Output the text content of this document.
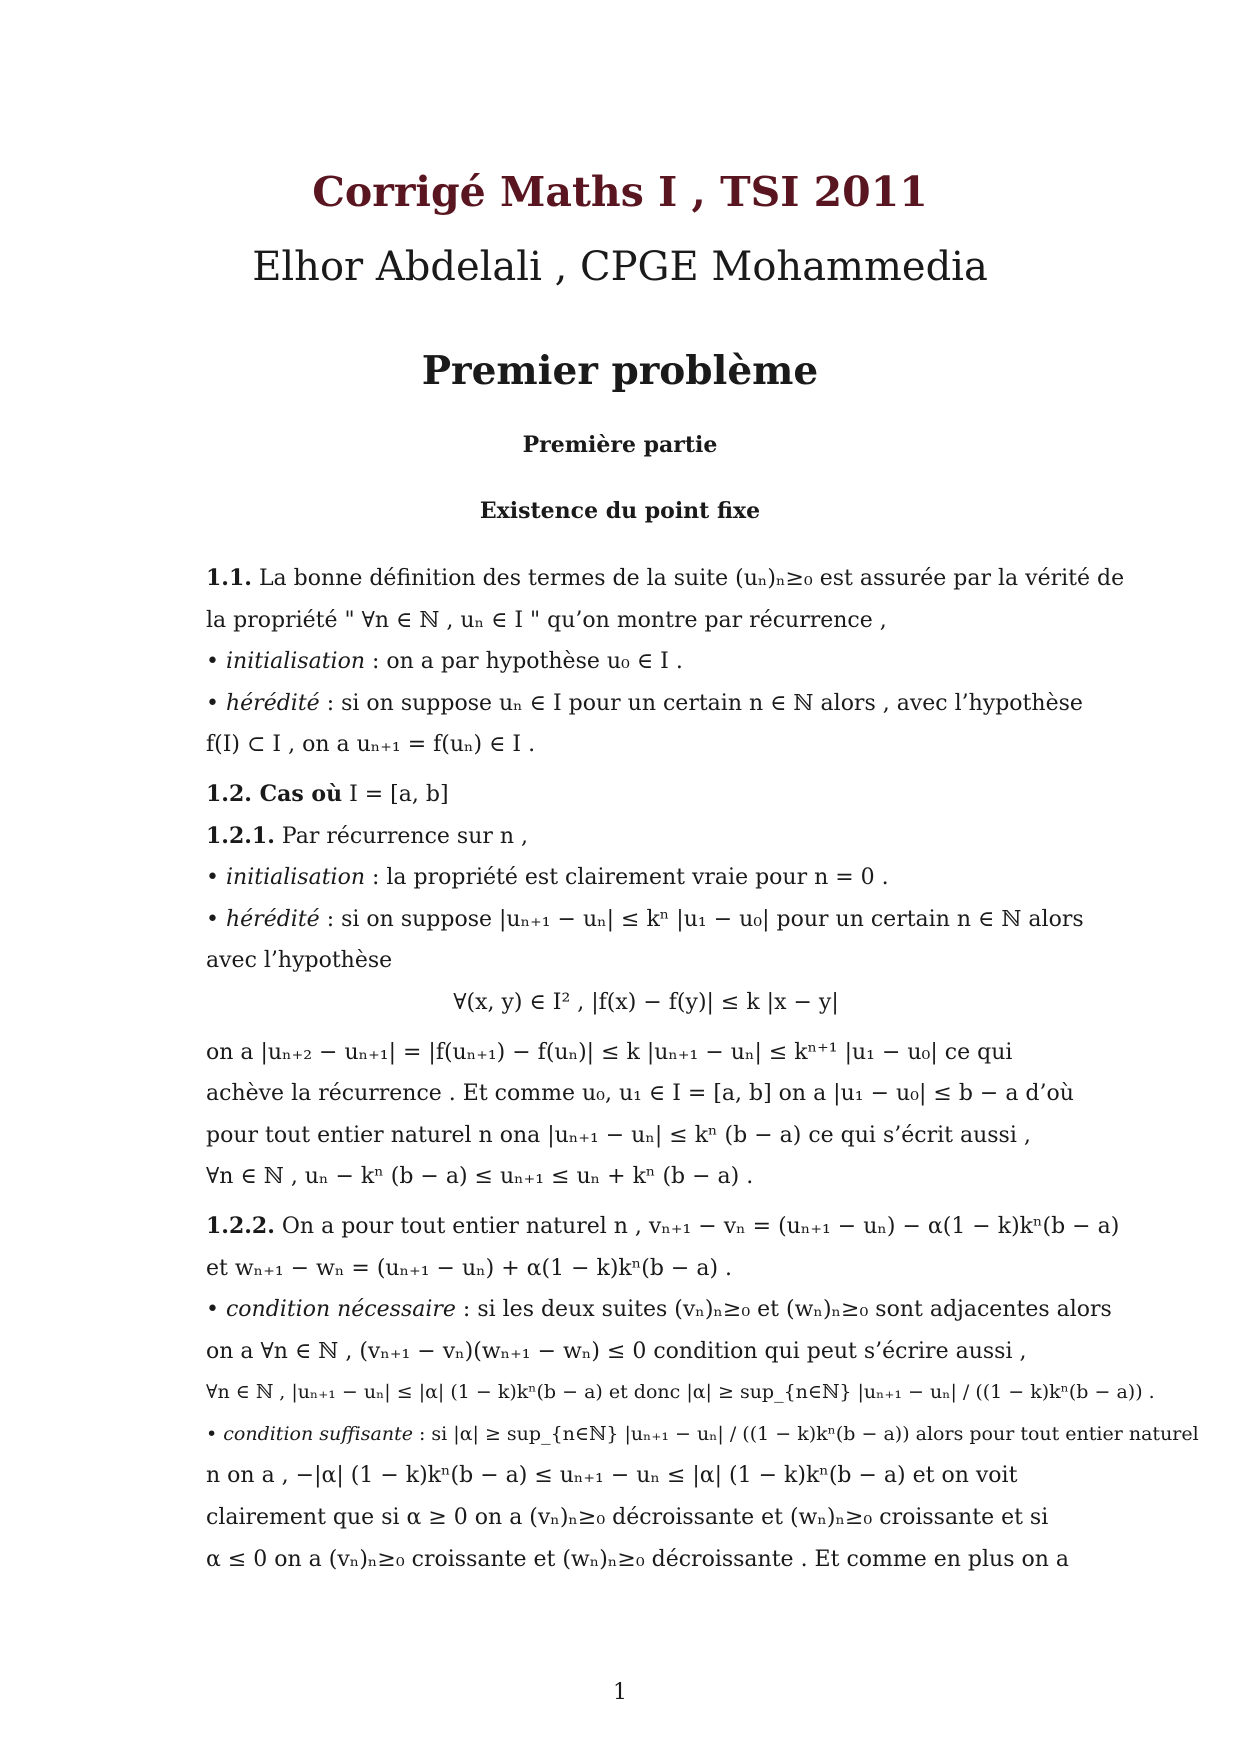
Corrigé Maths I , TSI 2011
Elhor Abdelali , CPGE Mohammedia
Premier problème
Première partie
Existence du point fixe
1.1. La bonne définition des termes de la suite (uₙ)ₙ≥₀ est assurée par la vérité de
la propriété " ∀n ∈ ℕ , uₙ ∈ I " qu’on montre par récurrence ,
• initialisation : on a par hypothèse u₀ ∈ I .
• hérédité : si on suppose uₙ ∈ I pour un certain n ∈ ℕ alors , avec l’hypothèse
f(I) ⊂ I , on a uₙ₊₁ = f(uₙ) ∈ I .
1.2. Cas où I = [a, b]
1.2.1. Par récurrence sur n ,
• initialisation : la propriété est clairement vraie pour n = 0 .
• hérédité : si on suppose |uₙ₊₁ − uₙ| ≤ kⁿ |u₁ − u₀| pour un certain n ∈ ℕ alors
avec l’hypothèse
∀(x, y) ∈ I² , |f(x) − f(y)| ≤ k |x − y|
on a |uₙ₊₂ − uₙ₊₁| = |f(uₙ₊₁) − f(uₙ)| ≤ k |uₙ₊₁ − uₙ| ≤ kⁿ⁺¹ |u₁ − u₀| ce qui
achève la récurrence . Et comme u₀, u₁ ∈ I = [a, b] on a |u₁ − u₀| ≤ b − a d’où
pour tout entier naturel n ona |uₙ₊₁ − uₙ| ≤ kⁿ (b − a) ce qui s’écrit aussi ,
∀n ∈ ℕ , uₙ − kⁿ (b − a) ≤ uₙ₊₁ ≤ uₙ + kⁿ (b − a) .
1.2.2. On a pour tout entier naturel n , vₙ₊₁ − vₙ = (uₙ₊₁ − uₙ) − α(1 − k)kⁿ(b − a)
et wₙ₊₁ − wₙ = (uₙ₊₁ − uₙ) + α(1 − k)kⁿ(b − a) .
• condition nécessaire : si les deux suites (vₙ)ₙ≥₀ et (wₙ)ₙ≥₀ sont adjacentes alors
on a ∀n ∈ ℕ , (vₙ₊₁ − vₙ)(wₙ₊₁ − wₙ) ≤ 0 condition qui peut s’écrire aussi ,
∀n ∈ ℕ , |uₙ₊₁ − uₙ| ≤ |α| (1 − k)kⁿ(b − a) et donc |α| ≥ sup_{n∈ℕ} |uₙ₊₁ − uₙ| / ((1 − k)kⁿ(b − a)) .
• condition suffisante : si |α| ≥ sup_{n∈ℕ} |uₙ₊₁ − uₙ| / ((1 − k)kⁿ(b − a)) alors pour tout entier naturel
n on a , −|α| (1 − k)kⁿ(b − a) ≤ uₙ₊₁ − uₙ ≤ |α| (1 − k)kⁿ(b − a) et on voit
clairement que si α ≥ 0 on a (vₙ)ₙ≥₀ décroissante et (wₙ)ₙ≥₀ croissante et si
α ≤ 0 on a (vₙ)ₙ≥₀ croissante et (wₙ)ₙ≥₀ décroissante . Et comme en plus on a
1
